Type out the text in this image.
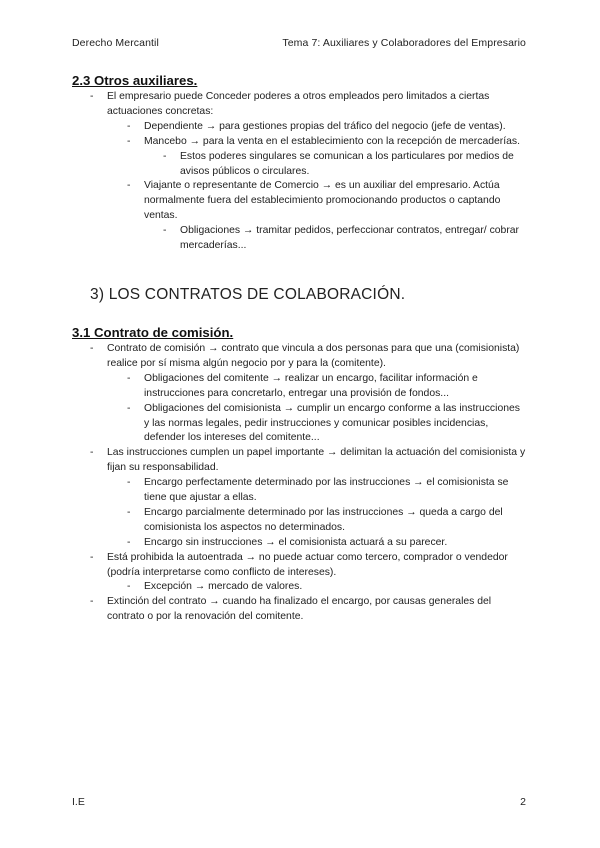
Derecho Mercantil	Tema 7: Auxiliares y Colaboradores del Empresario
2.3 Otros auxiliares.
- El empresario puede Conceder poderes a otros empleados pero limitados a ciertas actuaciones concretas:
- Dependiente → para gestiones propias del tráfico del negocio (jefe de ventas).
- Mancebo → para la venta en el establecimiento con la recepción de mercaderías.
- Estos poderes singulares se comunican a los particulares por medios de avisos públicos o circulares.
- Viajante o representante de Comercio → es un auxiliar del empresario. Actúa normalmente fuera del establecimiento promocionando productos o captando ventas.
- Obligaciones → tramitar pedidos, perfeccionar contratos, entregar/ cobrar mercaderías...
3) LOS CONTRATOS DE COLABORACIÓN.
3.1 Contrato de comisión.
- Contrato de comisión → contrato que vincula a dos personas para que una (comisionista) realice por sí misma algún negocio por y para la (comitente).
- Obligaciones del comitente → realizar un encargo, facilitar información e instrucciones para concretarlo, entregar una provisión de fondos...
- Obligaciones del comisionista → cumplir un encargo conforme a las instrucciones y las normas legales, pedir instrucciones y comunicar posibles incidencias, defender los intereses del comitente...
- Las instrucciones cumplen un papel importante → delimitan la actuación del comisionista y fijan su responsabilidad.
- Encargo perfectamente determinado por las instrucciones → el comisionista se tiene que ajustar a ellas.
- Encargo parcialmente determinado por las instrucciones → queda a cargo del comisionista los aspectos no determinados.
- Encargo sin instrucciones → el comisionista actuará a su parecer.
- Está prohibida la autoentrada → no puede actuar como tercero, comprador o vendedor (podría interpretarse como conflicto de intereses).
- Excepción → mercado de valores.
- Extinción del contrato → cuando ha finalizado el encargo, por causas generales del contrato o por la renovación del comitente.
I.E	2
